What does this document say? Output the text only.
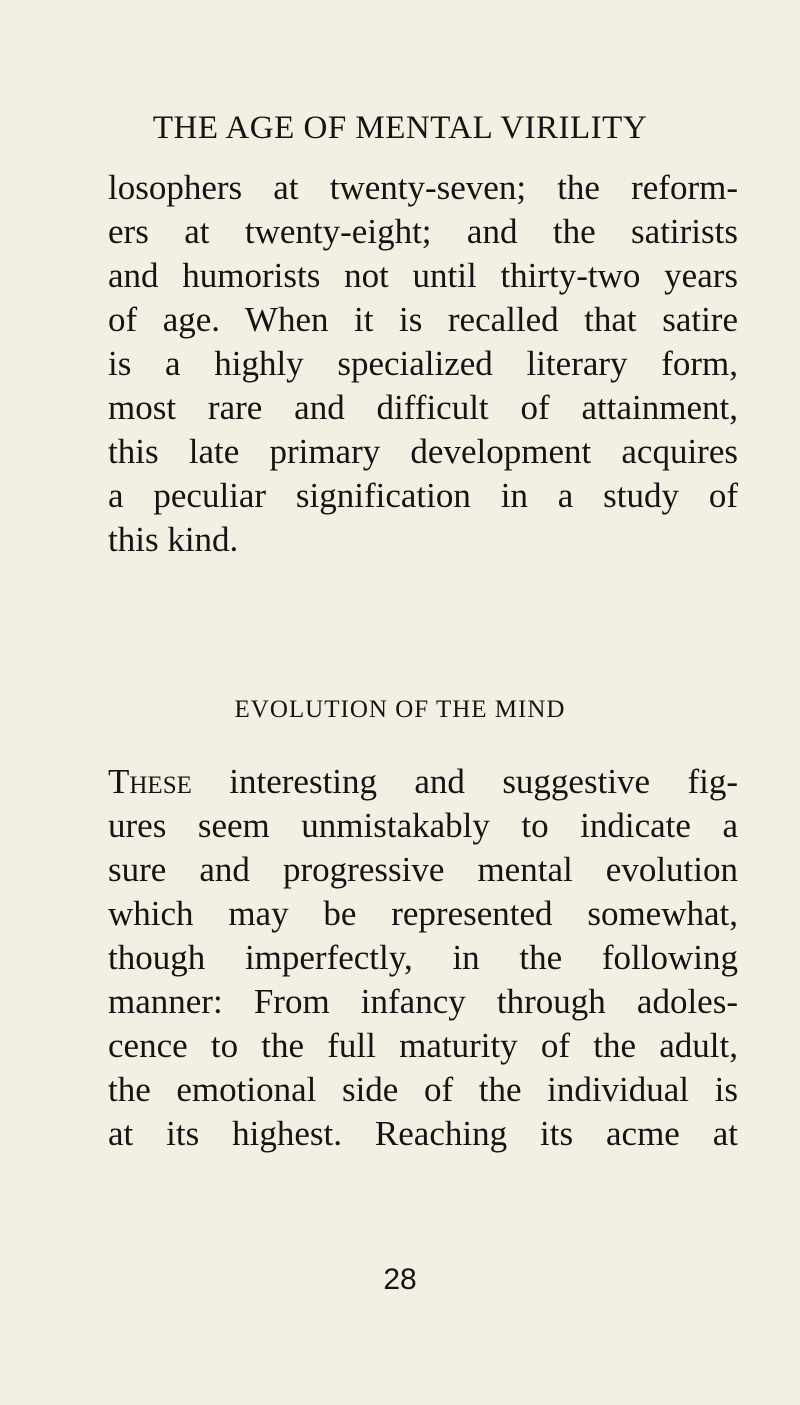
THE AGE OF MENTAL VIRILITY
losophers at twenty-seven; the reform-
ers at twenty-eight; and the satirists
and humorists not until thirty-two years
of age. When it is recalled that satire
is a highly specialized literary form,
most rare and difficult of attainment,
this late primary development acquires
a peculiar signification in a study of
this kind.
EVOLUTION OF THE MIND
These interesting and suggestive fig-
ures seem unmistakably to indicate a
sure and progressive mental evolution
which may be represented somewhat,
though imperfectly, in the following
manner: From infancy through adoles-
cence to the full maturity of the adult,
the emotional side of the individual is
at its highest. Reaching its acme at
28
